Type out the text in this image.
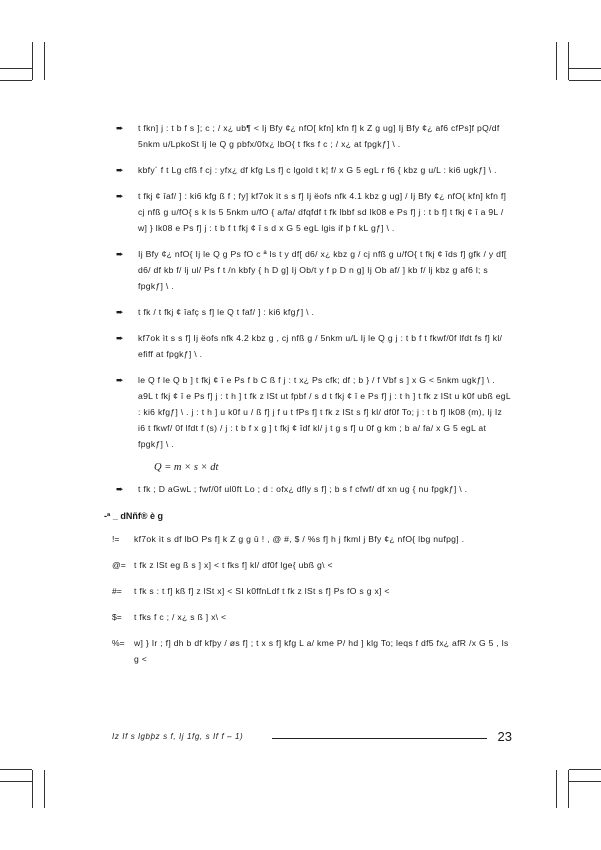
➨	t fkn] j : t b f s ]; c ; / x¿ ub¶ < Ij Bfy ¢¿ nfO[ kfn] kfn f] k Z g ug] Ij Bfy ¢¿ af6 cfPs]f pQ/df 5nkm u/LpkoSt Ij le Q g pbfx/0fx¿ lbO{ t fks f c ; / x¿ at fpgkƒ] \ .
➨	kbfy´ f t Lg cfß f cj : yfx¿ df kfg Ls f] c lgold t k¦ f/ x G 5 egL r f6 { kbz g u/L : ki6 ugkƒ] \ .
➨	t fkj ¢ îaf/ ] : ki6 kfg ß f ; fy] kf7ok ìt s s f] Ij ëofs nfk 4.1 kbz g ug] / Ij Bfy ¢¿ nfO{ kfn] kfn f] cj nfß g u/fO{ s k ls 5 5nkm u/fO { a/fa/ dfqfdf t fk lbbf sd lk08 e Ps f] j : t b f] t fkj ¢ î a 9L / w] } lk08 e Ps f] j : t b f t fkj ¢ î s d x G 5 egL lgis if þ f kL gƒ] \ .
➨	Ij Bfy ¢¿ nfO{ Ij le Q g Ps fO c ª ls t y df[ d6/ x¿ kbz g / cj nfß g u/fO{ t fkj ¢ îds f] gfk / y df[ d6/ df kb f/ lj ul/ Ps f t /n kbfy { h D g] Ij Ob/t y f p D n g] Ij Ob af/ ] kb f/ lj kbz g af6 l; s fpgkƒ] \ .
➨	t fk / t fkj ¢ îafç s f] le Q t faf/ ] : ki6 kfgƒ] \ .
➨	kf7ok ìt s s f] Ij ëofs nfk 4.2 kbz g , cj nfß g / 5nkm u/L Ij le Q g j : t b f t fkwf/0f lfdt fs f] kl/ efiff at fpgkƒ] \ .
➨	le Q f le Q b ] t fkj ¢ î e Ps f b C ß f j : t x¿ Ps cfk; df ; b } / f Vbf s ] x G < 5nkm ugkƒ] \ . a9L t fkj ¢ î e Ps f] j : t h ] t fk z lSt ut fpbf / s d t fkj ¢ î e Ps f] j : t h ] t fk z lSt u k0f ubß egL : ki6 kfgƒ] \ . j : t h ] u k0f u / ß f] j f u t fPs f] t fk z lSt s f] kl/ df0f To; j : t b f] lk08 (m), Ij Iz i6 t fkwf/ 0f lfdt f (s) / j : t b f x g ] t fkj ¢ îdf kl/ j t g s f] u 0f g km ; b a/ fa/ x G 5 egL at fpgkƒ] \ .
Q = m × s × dt
➨	t fk ; D aGwL ; fwf/0f ul0ft Lo ; d : ofx¿ dfly s f] ; b s f cfwf/ df xn ug { nu fpgkƒ] \ .
-ª _ dNñf® è g
!=	kf7ok ìt s df lbO Ps f] k Z g g û ! , @ #, $ / %s f] h j fkml j Bfy ¢¿ nfO{ lbg nufpg] .
@= t fk z lSt eg ß s ] x] < t fks f] kl/ df0f lge{ ubß g\ <
#=	t fk s : t f] kß f] z lSt x] < SI k0ffnLdf t fk z lSt s f] Ps fO s g x] <
$=	t fks f c ; / x¿ s ß ] x\ <
%=	w] } Ir ; f] dh b df kfþy / øs f] ; t x s f] kfg L a/ kme P/ hd ] klg To; leqs f df5 fx¿ afR /x G 5 , ls g <
Iz If s lgbþz s f, Ij 1fg, s If f – 1)	23
